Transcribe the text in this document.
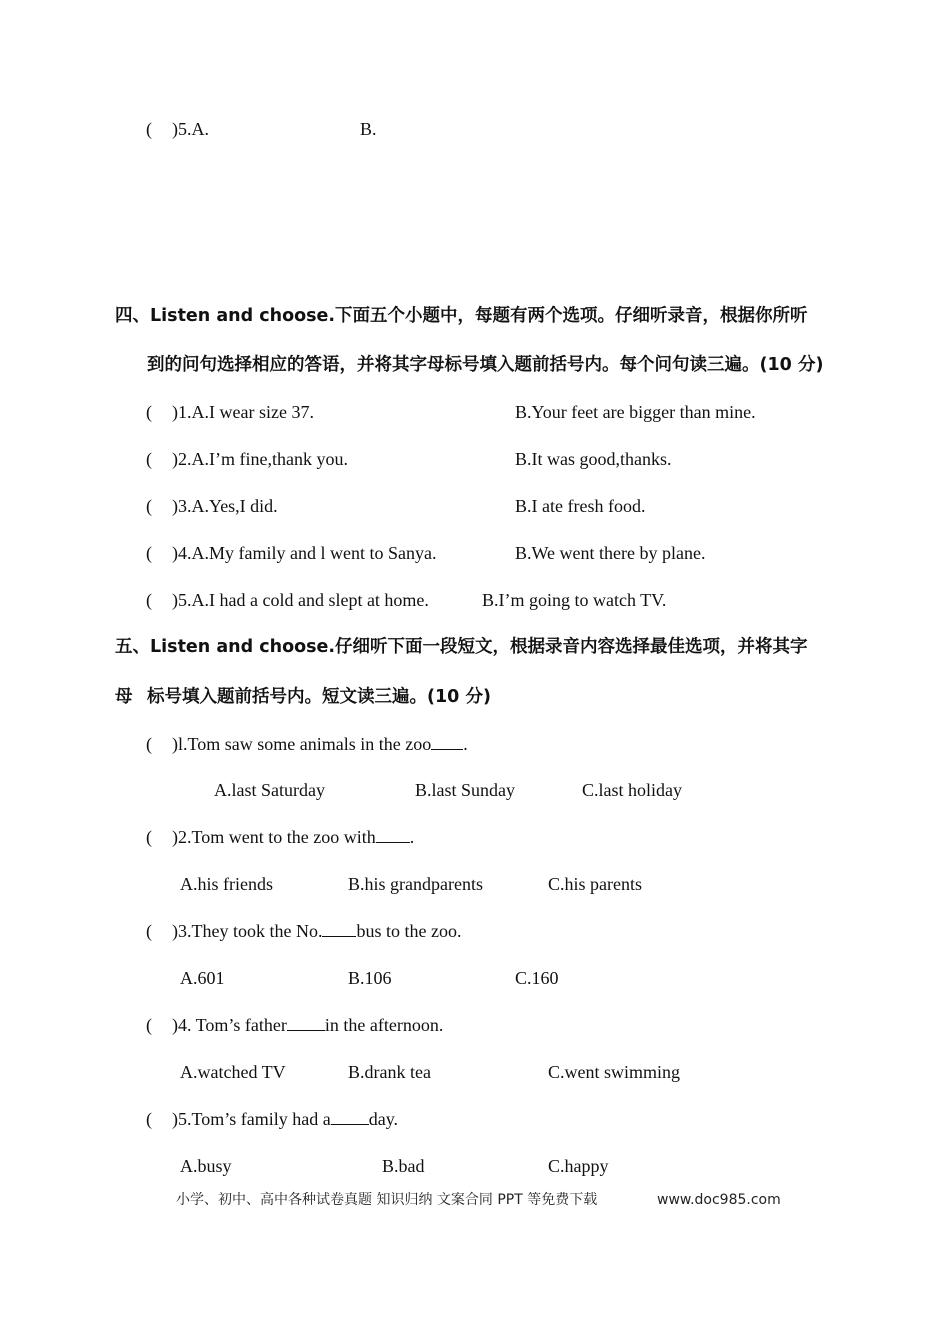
( )5.A.	B.
四、Listen and choose.下面五个小题中，每题有两个选项。仔细听录音，根据你所听
到的问句选择相应的答语，并将其字母标号填入题前括号内。每个问句读三遍。(10 分)
( )1.A.I wear size 37.	B.Your feet are bigger than mine.
( )2.A.I’m fine,thank you.	B.It was good,thanks.
( )3.A.Yes,I did.	B.I ate fresh food.
( )4.A.My family and l went to Sanya.	B.We went there by plane.
( )5.A.I had a cold and slept at home.	B.I’m going to watch TV.
五、Listen and choose.仔细听下面一段短文，根据录音内容选择最佳选项，并将其字
母 标号填入题前括号内。短文读三遍。(10 分)
( )l.Tom saw some animals in the zoo .
A.last Saturday	B.last Sunday	C.last holiday
( )2.Tom went to the zoo with .
A.his friends	B.his grandparents	C.his parents
( )3.They took the No. bus to the zoo.
A.601	B.106	C.160
( )4. Tom’s father in the afternoon.
A.watched TV	B.drank tea	C.went swimming
( )5.Tom’s family had a day.
A.busy	B.bad	C.happy
小学、初中、高中各种试卷真题 知识归纳 文案合同 PPT 等免费下载	www.doc985.com
